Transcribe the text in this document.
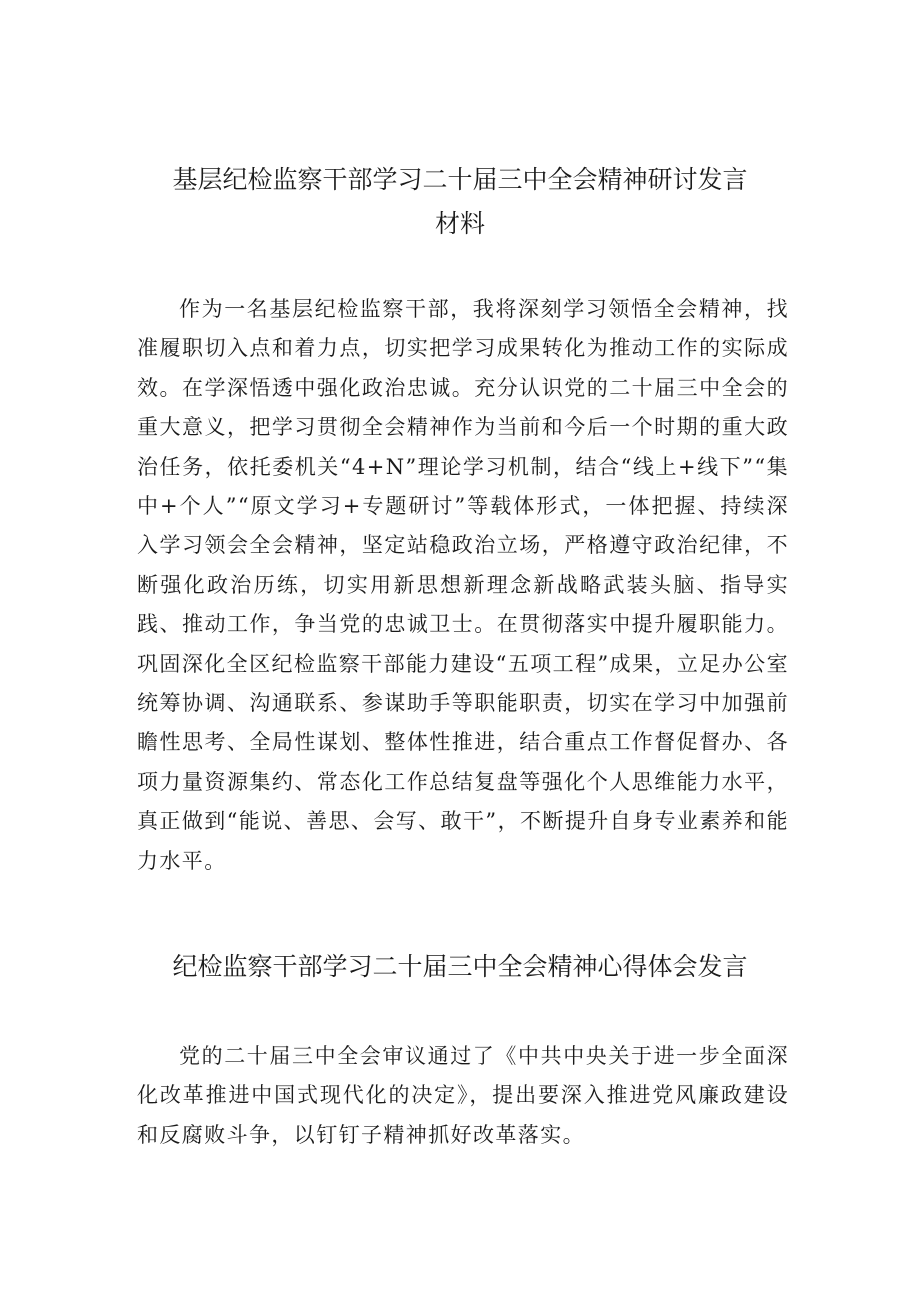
基层纪检监察干部学习二十届三中全会精神研讨发言
材料

作为一名基层纪检监察干部，我将深刻学习领悟全会精神，找准履职切入点和着力点，切实把学习成果转化为推动工作的实际成效。在学深悟透中强化政治忠诚。充分认识党的二十届三中全会的重大意义，把学习贯彻全会精神作为当前和今后一个时期的重大政治任务，依托委机关“4+N”理论学习机制，结合“线上+线下”“集中+个人”“原文学习+专题研讨”等载体形式，一体把握、持续深入学习领会全会精神，坚定站稳政治立场，严格遵守政治纪律，不断强化政治历练，切实用新思想新理念新战略武装头脑、指导实践、推动工作，争当党的忠诚卫士。在贯彻落实中提升履职能力。巩固深化全区纪检监察干部能力建设“五项工程”成果，立足办公室统筹协调、沟通联系、参谋助手等职能职责，切实在学习中加强前瞻性思考、全局性谋划、整体性推进，结合重点工作督促督办、各项力量资源集约、常态化工作总结复盘等强化个人思维能力水平，真正做到“能说、善思、会写、敢干”，不断提升自身专业素养和能力水平。

纪检监察干部学习二十届三中全会精神心得体会发言

党的二十届三中全会审议通过了《中共中央关于进一步全面深化改革推进中国式现代化的决定》，提出要深入推进党风廉政建设和反腐败斗争，以钉钉子精神抓好改革落实。
